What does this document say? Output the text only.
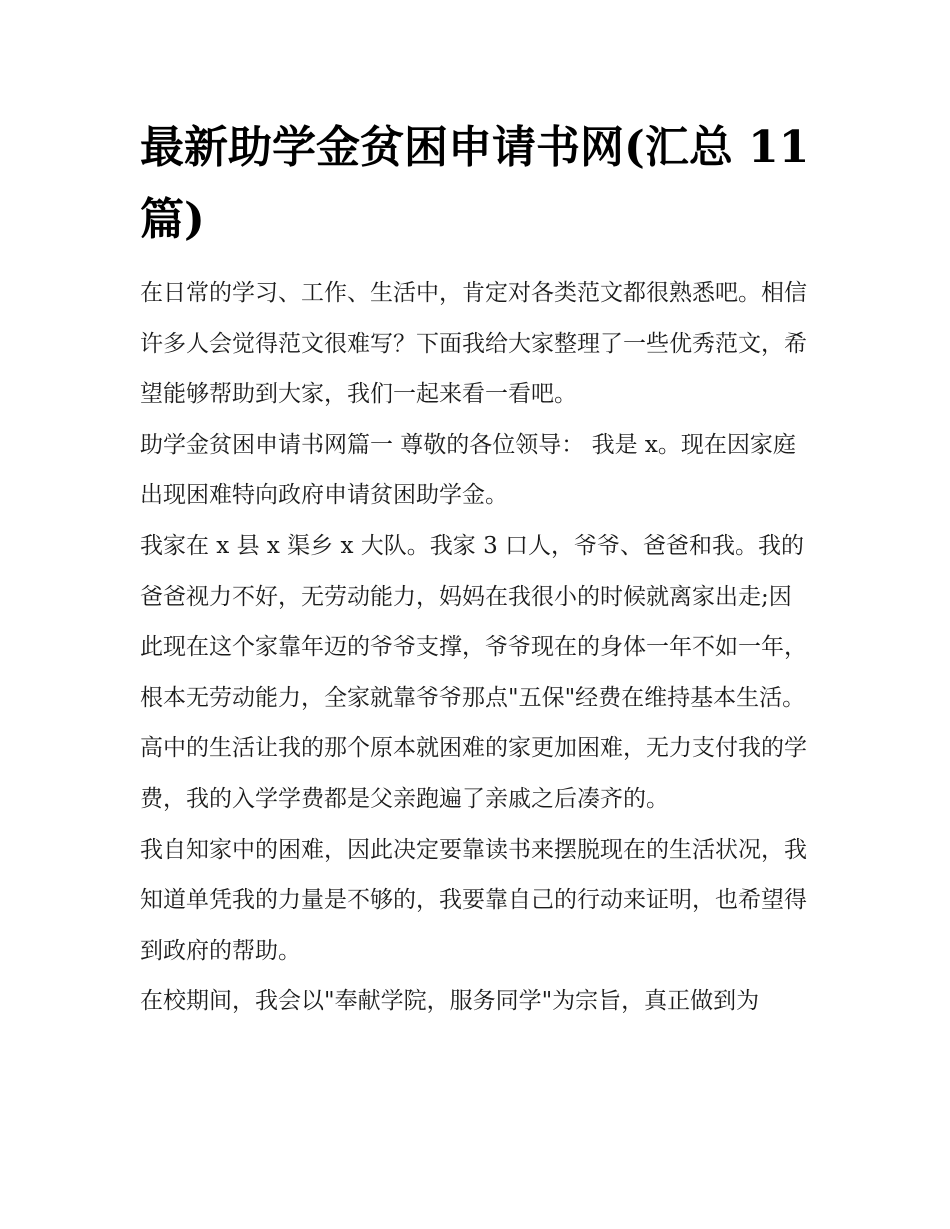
最新助学金贫困申请书网(汇总 11 篇)

在日常的学习、工作、生活中，肯定对各类范文都很熟悉吧。相信许多人会觉得范文很难写？下面我给大家整理了一些优秀范文，希望能够帮助到大家，我们一起来看一看吧。

助学金贫困申请书网篇一 尊敬的各位领导： 我是 x。现在因家庭出现困难特向政府申请贫困助学金。

我家在 x 县 x 渠乡 x 大队。我家 3 口人，爷爷、爸爸和我。我的爸爸视力不好，无劳动能力，妈妈在我很小的时候就离家出走;因此现在这个家靠年迈的爷爷支撑，爷爷现在的身体一年不如一年，根本无劳动能力，全家就靠爷爷那点"五保"经费在维持基本生活。高中的生活让我的那个原本就困难的家更加困难，无力支付我的学费，我的入学学费都是父亲跑遍了亲戚之后凑齐的。

我自知家中的困难，因此决定要靠读书来摆脱现在的生活状况，我知道单凭我的力量是不够的，我要靠自己的行动来证明，也希望得到政府的帮助。

在校期间，我会以"奉献学院，服务同学"为宗旨，真正做到为
